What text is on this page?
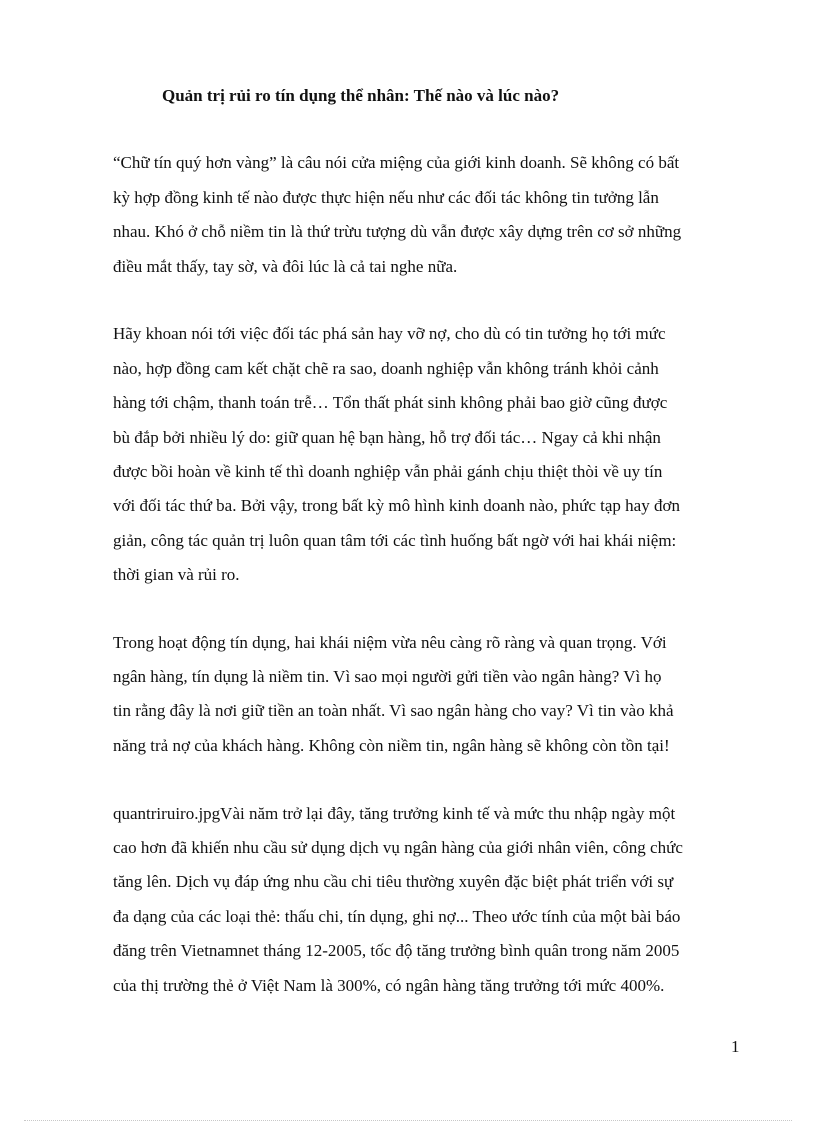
Quản trị rủi ro tín dụng thể nhân: Thế nào và lúc nào?

“Chữ tín quý hơn vàng” là câu nói cửa miệng của giới kinh doanh. Sẽ không có bất

kỳ hợp đồng kinh tế nào được thực hiện nếu như các đối tác không tin tưởng lẫn

nhau. Khó ở chỗ niềm tin là thứ trừu tượng dù vẫn được xây dựng trên cơ sở những

điều mắt thấy, tay sờ, và đôi lúc là cả tai nghe nữa.

Hãy khoan nói tới việc đối tác phá sản hay vỡ nợ, cho dù có tin tưởng họ tới mức

nào, hợp đồng cam kết chặt chẽ ra sao, doanh nghiệp vẫn không tránh khỏi cảnh

hàng tới chậm, thanh toán trễ… Tổn thất phát sinh không phải bao giờ cũng được

bù đắp bởi nhiều lý do: giữ quan hệ bạn hàng, hỗ trợ đối tác… Ngay cả khi nhận

được bồi hoàn về kinh tế thì doanh nghiệp vẫn phải gánh chịu thiệt thòi về uy tín

với đối tác thứ ba. Bởi vậy, trong bất kỳ mô hình kinh doanh nào, phức tạp hay đơn

giản, công tác quản trị luôn quan tâm tới các tình huống bất ngờ với hai khái niệm:

thời gian và rủi ro.

Trong hoạt động tín dụng, hai khái niệm vừa nêu càng rõ ràng và quan trọng. Với

ngân hàng, tín dụng là niềm tin. Vì sao mọi người gửi tiền vào ngân hàng? Vì họ

tin rằng đây là nơi giữ tiền an toàn nhất. Vì sao ngân hàng cho vay? Vì tin vào khả

năng trả nợ của khách hàng. Không còn niềm tin, ngân hàng sẽ không còn tồn tại!

quantriruiro.jpgVài năm trở lại đây, tăng trưởng kinh tế và mức thu nhập ngày một

cao hơn đã khiến nhu cầu sử dụng dịch vụ ngân hàng của giới nhân viên, công chức

tăng lên. Dịch vụ đáp ứng nhu cầu chi tiêu thường xuyên đặc biệt phát triển với sự

đa dạng của các loại thẻ: thấu chi, tín dụng, ghi nợ... Theo ước tính của một bài báo

đăng trên Vietnamnet tháng 12-2005, tốc độ tăng trưởng bình quân trong năm 2005

của thị trường thẻ ở Việt Nam là 300%, có ngân hàng tăng trưởng tới mức 400%.

1
